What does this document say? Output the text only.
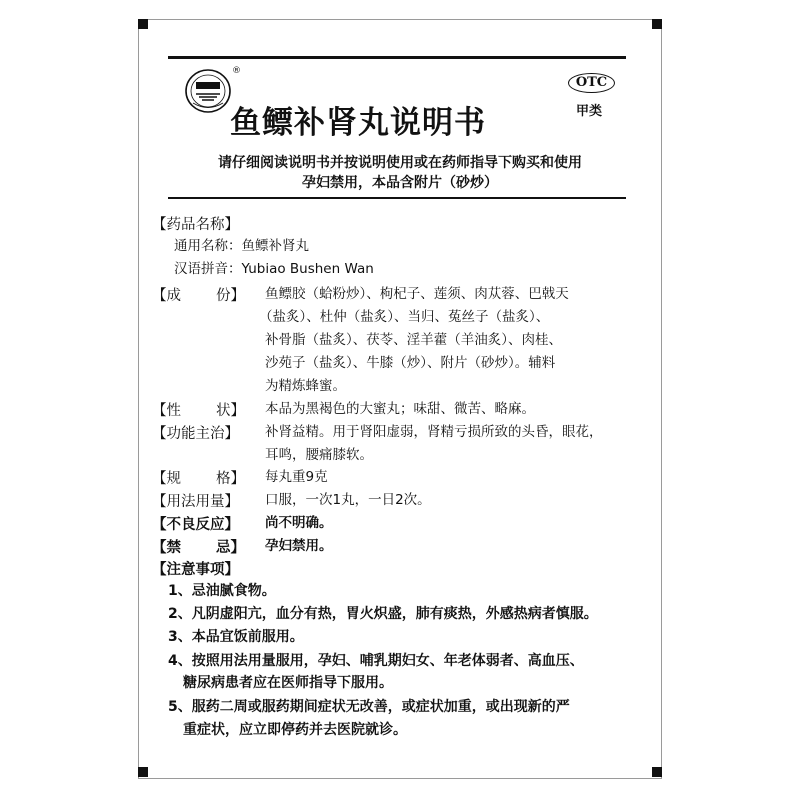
®
鱼鳔补肾丸说明书
OTC
甲类
请仔细阅读说明书并按说明使用或在药师指导下购买和使用
孕妇禁用，本品含附片（砂炒）
【药品名称】
通用名称：鱼鳔补肾丸
汉语拼音：Yubiao Bushen Wan
【成 份】 鱼鳔胶（蛤粉炒）、枸杞子、莲须、肉苁蓉、巴戟天
（盐炙）、杜仲（盐炙）、当归、菟丝子（盐炙）、
补骨脂（盐炙）、茯苓、淫羊藿（羊油炙）、肉桂、
沙苑子（盐炙）、牛膝（炒）、附片（砂炒）。辅料
为精炼蜂蜜。
【性 状】 本品为黑褐色的大蜜丸；味甜、微苦、略麻。
【功能主治】 补肾益精。用于肾阳虚弱，肾精亏损所致的头昏，眼花，
耳鸣，腰痛膝软。
【规 格】 每丸重9克
【用法用量】 口服，一次1丸，一日2次。
【不良反应】 尚不明确。
【禁 忌】 孕妇禁用。
【注意事项】
1、忌油腻食物。
2、凡阴虚阳亢，血分有热，胃火炽盛，肺有痰热，外感热病者慎服。
3、本品宜饭前服用。
4、按照用法用量服用，孕妇、哺乳期妇女、年老体弱者、高血压、
糖尿病患者应在医师指导下服用。
5、服药二周或服药期间症状无改善，或症状加重，或出现新的严
重症状，应立即停药并去医院就诊。
